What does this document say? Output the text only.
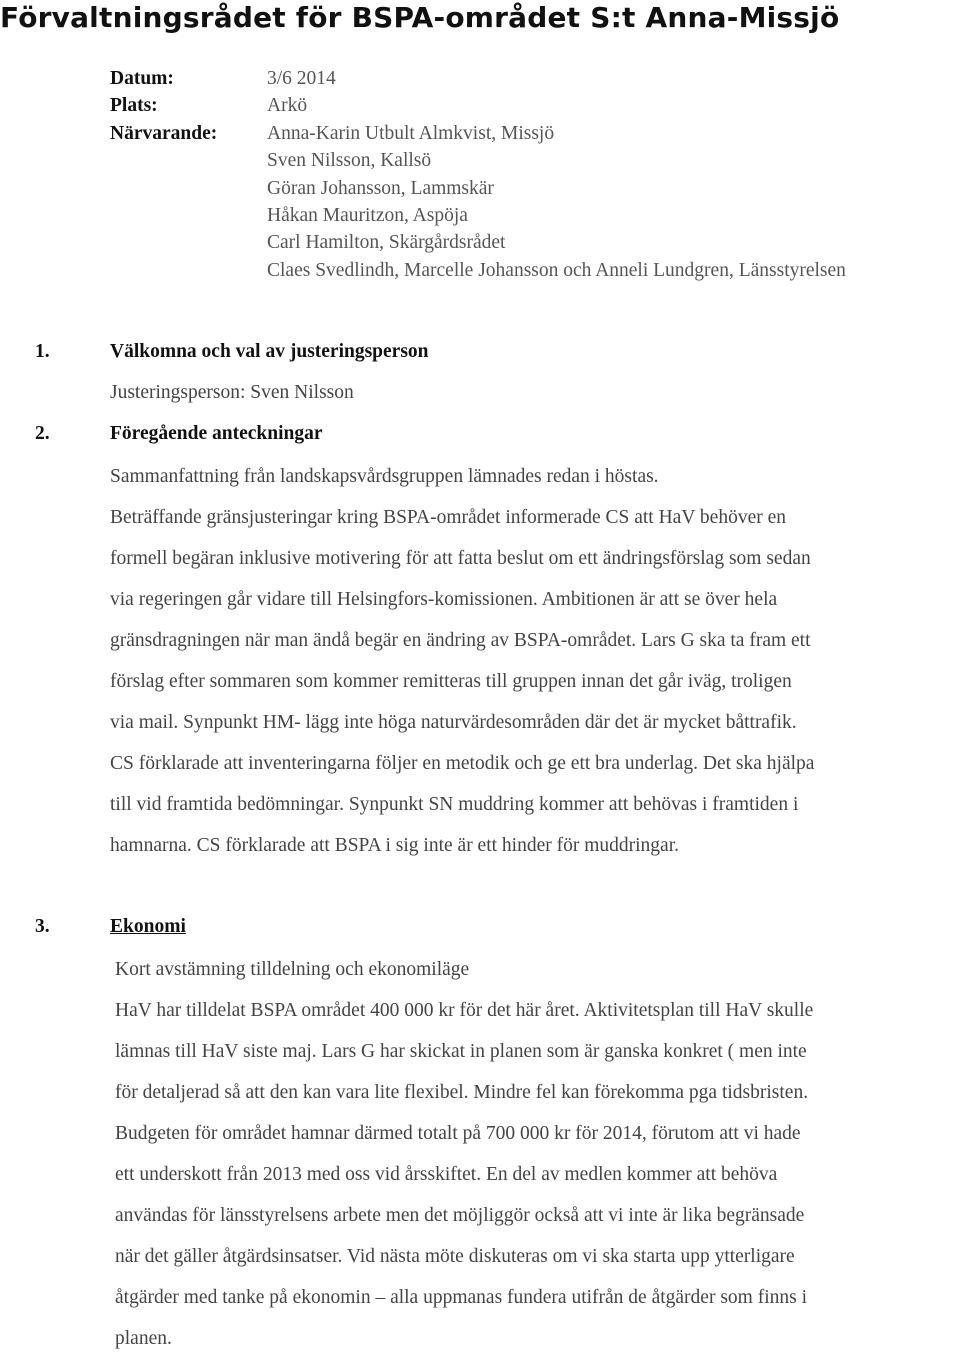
Förvaltningsrådet för BSPA-området S:t Anna-Missjö
Datum:	3/6 2014
Plats:	Arkö
Närvarande:	Anna-Karin Utbult Almkvist, Missjö
Sven Nilsson, Kallsö
Göran Johansson, Lammskär
Håkan Mauritzon, Aspöja
Carl Hamilton, Skärgårdsrådet
Claes Svedlindh, Marcelle Johansson och Anneli Lundgren, Länsstyrelsen
1.	Välkomna och val av justeringsperson
Justeringsperson: Sven Nilsson
2.	Föregående anteckningar
Sammanfattning från landskapsvårdsgruppen lämnades redan i höstas.
Beträffande gränsjusteringar kring BSPA-området informerade CS att HaV behöver en
formell begäran inklusive motivering för att fatta beslut om ett ändringsförslag som sedan
via regeringen går vidare till Helsingfors-komissionen. Ambitionen är att se över hela
gränsdragningen när man ändå begär en ändring av BSPA-området. Lars G ska ta fram ett
förslag efter sommaren som kommer remitteras till gruppen innan det går iväg, troligen
via mail. Synpunkt HM- lägg inte höga naturvärdesområden där det är mycket båttrafik.
CS förklarade att inventeringarna följer en metodik och ge ett bra underlag. Det ska hjälpa
till vid framtida bedömningar. Synpunkt SN muddring kommer att behövas i framtiden i
hamnarna. CS förklarade att BSPA i sig inte är ett hinder för muddringar.
3.	Ekonomi
Kort avstämning tilldelning och ekonomiläge
HaV har tilldelat BSPA området 400 000 kr för det här året. Aktivitetsplan till HaV skulle
lämnas till HaV siste maj. Lars G har skickat in planen som är ganska konkret ( men inte
för detaljerad så att den kan vara lite flexibel. Mindre fel kan förekomma pga tidsbristen.
Budgeten för området hamnar därmed totalt på 700 000 kr för 2014, förutom att vi hade
ett underskott från 2013 med oss vid årsskiftet. En del av medlen kommer att behöva
användas för länsstyrelsens arbete men det möjliggör också att vi inte är lika begränsade
när det gäller åtgärdsinsatser. Vid nästa möte diskuteras om vi ska starta upp ytterligare
åtgärder med tanke på ekonomin – alla uppmanas fundera utifrån de åtgärder som finns i
planen.
